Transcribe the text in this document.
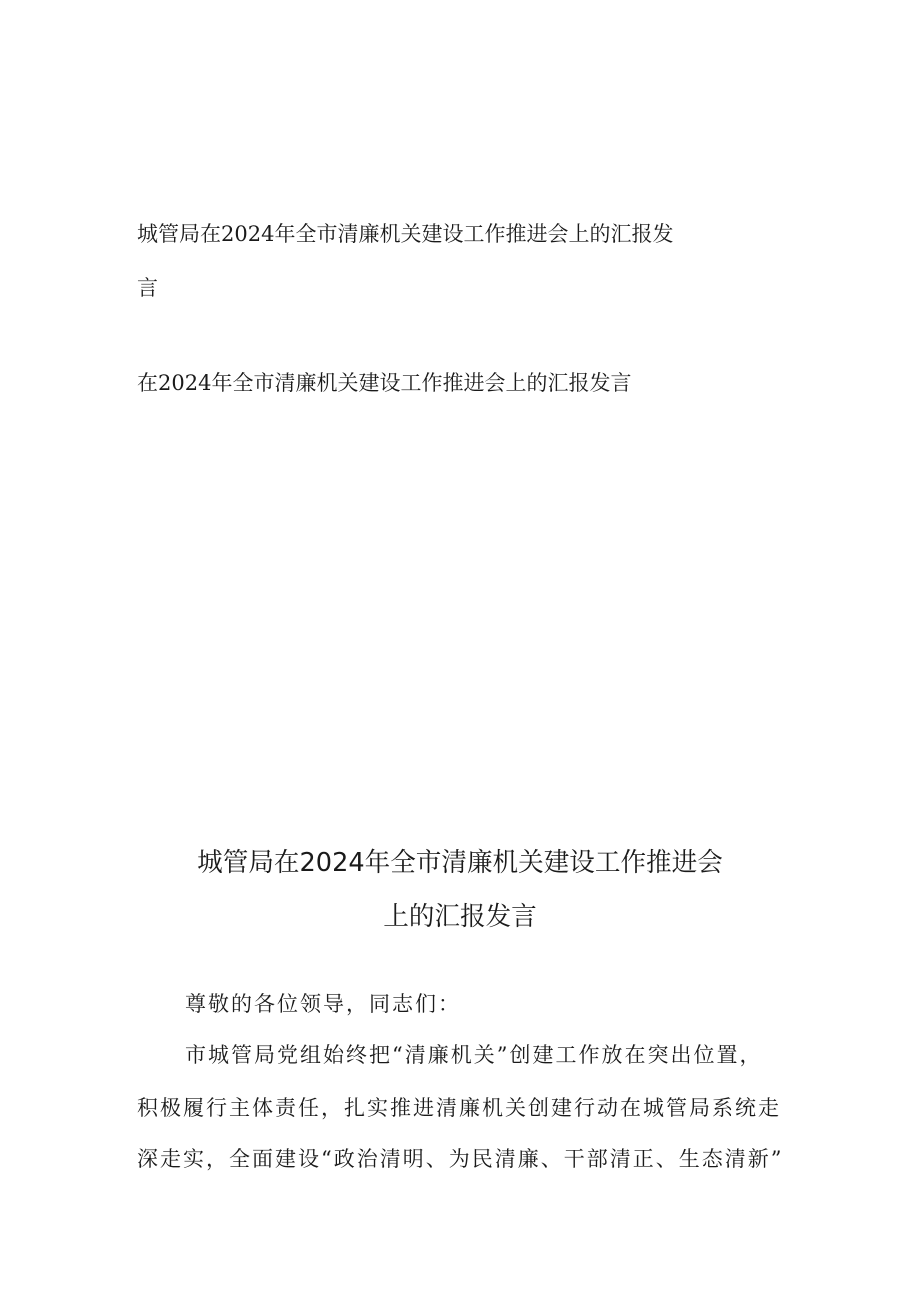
城管局在2024年全市清廉机关建设工作推进会上的汇报发
言
在2024年全市清廉机关建设工作推进会上的汇报发言
城管局在2024年全市清廉机关建设工作推进会
上的汇报发言
尊敬的各位领导，同志们：
市城管局党组始终把“清廉机关”创建工作放在突出位置，
积极履行主体责任，扎实推进清廉机关创建行动在城管局系统走
深走实，全面建设“政治清明、为民清廉、干部清正、生态清新”
